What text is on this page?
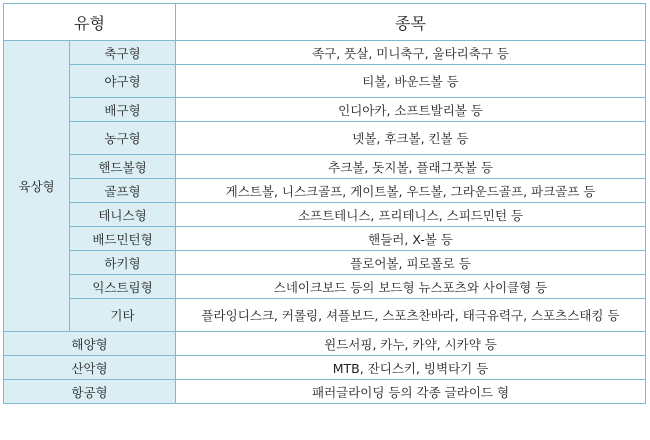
유형		종목
육상형	축구형	족구, 풋살, 미니축구, 울타리축구 등
	야구형	티볼, 바운드볼 등
	배구형	인디아카, 소프트발리볼 등
	농구형	넷볼, 후크볼, 킨볼 등
	핸드볼형	추크볼, 돗지볼, 플래그풋볼 등
	골프형	게스트볼, 니스크골프, 게이트볼, 우드볼, 그라운드골프, 파크골프 등
	테니스형	소프트테니스, 프리테니스, 스피드민턴 등
	배드민턴형	핸들러, X-볼 등
	하키형	플로어볼, 피로폴로 등
	익스트림형	스네이크보드 등의 보드형 뉴스포츠와 사이클형 등
	기타	플라잉디스크, 커롤링, 셔플보드, 스포츠찬바라, 태극유력구, 스포츠스태킹 등
해양형		윈드서핑, 카누, 카약, 시카약 등
산악형		MTB, 잔디스키, 빙벽타기 등
항공형		패러글라이딩 등의 각종 글라이드 형
